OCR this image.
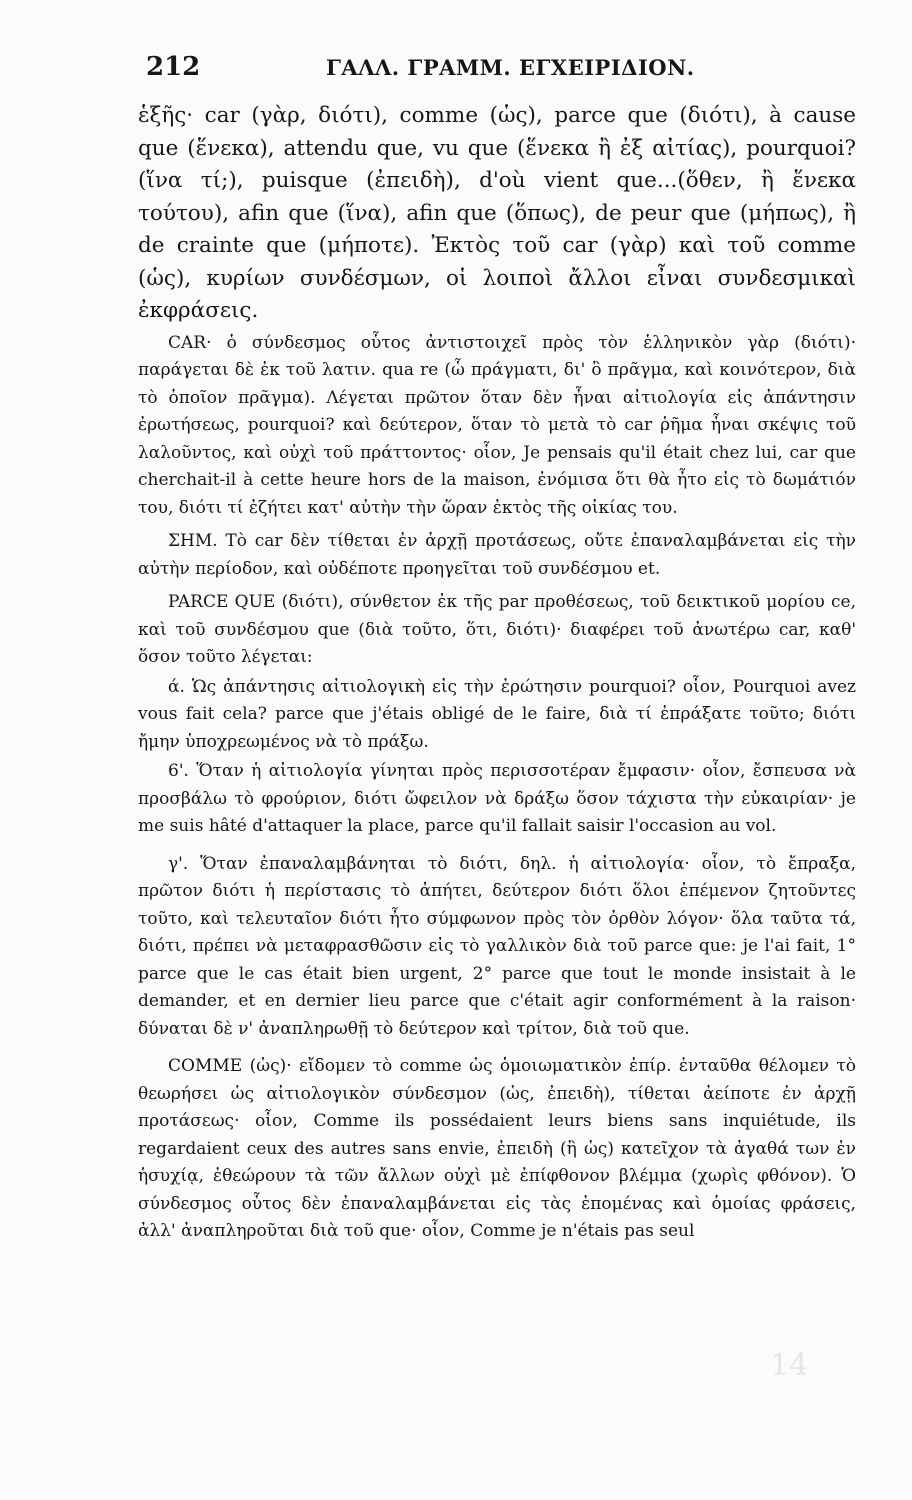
212	ΓΑΛΛ. ΓΡΑΜΜ. ΕΓΧΕΙΡΙΔΙΟΝ.

ἑξῆς· car (γὰρ, διότι), comme (ὡς), parce que (διότι), à cause que (ἕνεκα), attendu que, vu que (ἕνεκα ἢ ἐξ αἰτίας), pourquoi? (ἵνα τί;), puisque (ἐπειδὴ), d'où vient que...(ὅθεν, ἢ ἕνεκα τούτου), afin que (ἵνα), afin que (ὅπως), de peur que (μήπως), ἢ de crainte que (μήποτε). Ἐκτὸς τοῦ car (γὰρ) καὶ τοῦ comme (ὡς), κυρίων συνδέσμων, οἱ λοιποὶ ἄλλοι εἶναι συνδεσμικαὶ ἐκφράσεις.

CAR· ὁ σύνδεσμος οὗτος ἀντιστοιχεῖ πρὸς τὸν ἑλληνικὸν γὰρ (διότι)· παράγεται δὲ ἐκ τοῦ λατιν. qua re (ὧ πράγματι, δι' ὃ πρᾶγμα, καὶ κοινότερον, διὰ τὸ ὁποῖον πρᾶγμα). Λέγεται πρῶτον ὅταν δὲν ἦναι αἰτιολογία εἰς ἀπάντησιν ἐρωτήσεως, pourquoi? καὶ δεύτερον, ὅταν τὸ μετὰ τὸ car ῥῆμα ἦναι σκέψις τοῦ λαλοῦντος, καὶ οὐχὶ τοῦ πράττοντος· οἷον, Je pensais qu'il était chez lui, car que cherchait-il à cette heure hors de la maison, ἐνόμισα ὅτι θὰ ἦτο εἰς τὸ δωμάτιόν του, διότι τί ἐζήτει κατ' αὐτὴν τὴν ὥραν ἐκτὸς τῆς οἰκίας του.

ΣΗΜ. Τὸ car δὲν τίθεται ἐν ἀρχῇ προτάσεως, οὔτε ἐπαναλαμβάνεται εἰς τὴν αὐτὴν περίοδον, καὶ οὐδέποτε προηγεῖται τοῦ συνδέσμου et.

PARCE QUE (διότι), σύνθετον ἐκ τῆς par προθέσεως, τοῦ δεικτικοῦ μορίου ce, καὶ τοῦ συνδέσμου que (διὰ τοῦτο, ὅτι, διότι)· διαφέρει τοῦ ἀνωτέρω car, καθ' ὅσον τοῦτο λέγεται:

ά. Ὡς ἀπάντησις αἰτιολογικὴ εἰς τὴν ἐρώτησιν pourquoi? οἷον, Pourquoi avez vous fait cela? parce que j'étais obligé de le faire, διὰ τί ἐπράξατε τοῦτο; διότι ἤμην ὑποχρεωμένος νὰ τὸ πράξω.

6'. Ὅταν ἡ αἰτιολογία γίνηται πρὸς περισσοτέραν ἔμφασιν· οἷον, ἔσπευσα νὰ προσβάλω τὸ φρούριον, διότι ὤφειλον νὰ δράξω ὅσον τάχιστα τὴν εὐκαιρίαν· je me suis hâté d'attaquer la place, parce qu'il fallait saisir l'occasion au vol.

γ'. Ὅταν ἐπαναλαμβάνηται τὸ διότι, δηλ. ἡ αἰτιολογία· οἷον, τὸ ἔπραξα, πρῶτον διότι ἡ περίστασις τὸ ἀπήτει, δεύτερον διότι ὅλοι ἐπέμενον ζητοῦντες τοῦτο, καὶ τελευταῖον διότι ἦτο σύμφωνον πρὸς τὸν ὀρθὸν λόγον· ὅλα ταῦτα τά, διότι, πρέπει νὰ μεταφρασθῶσιν εἰς τὸ γαλλικὸν διὰ τοῦ parce que: je l'ai fait, 1° parce que le cas était bien urgent, 2° parce que tout le monde insistait à le demander, et en dernier lieu parce que c'était agir conformément à la raison· δύναται δὲ ν' ἀναπληρωθῇ τὸ δεύτερον καὶ τρίτον, διὰ τοῦ que.

COMME (ὡς)· εἴδομεν τὸ comme ὡς ὁμοιωματικὸν ἐπίρ. ἐνταῦθα θέλομεν τὸ θεωρήσει ὡς αἰτιολογικὸν σύνδεσμον (ὡς, ἐπειδὴ), τίθεται ἀείποτε ἐν ἀρχῇ προτάσεως· οἷον, Comme ils possédaient leurs biens sans inquiétude, ils regardaient ceux des autres sans envie, ἐπειδὴ (ἢ ὡς) κατεῖχον τὰ ἀγαθά των ἐν ἡσυχίᾳ, ἐθεώρουν τὰ τῶν ἄλλων οὐχὶ μὲ ἐπίφθονον βλέμμα (χωρὶς φθόνον). Ὁ σύνδεσμος οὗτος δὲν ἐπαναλαμβάνεται εἰς τὰς ἑπομένας καὶ ὁμοίας φράσεις, ἀλλ' ἀναπληροῦται διὰ τοῦ que· οἷον, Comme je n'étais pas seul

14
